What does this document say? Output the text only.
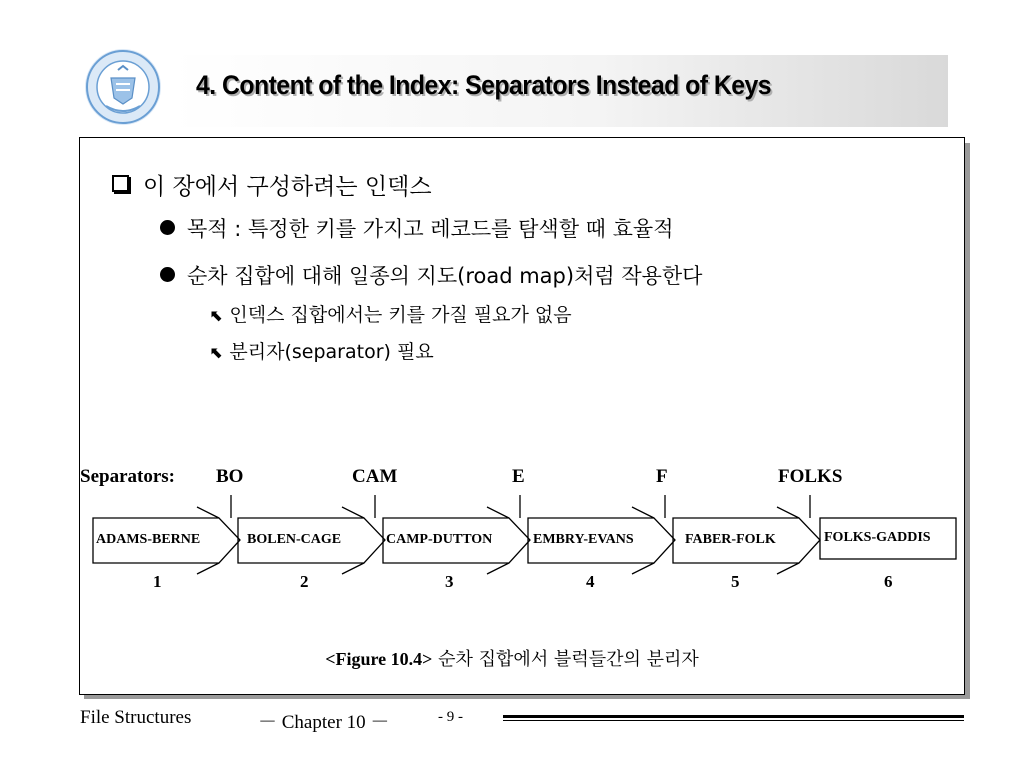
4. Content of the Index: Separators Instead of Keys
이 장에서 구성하려는 인덱스
목적 : 특정한 키를 가지고 레코드를 탐색할 때 효율적
순차 집합에 대해 일종의 지도(road map)처럼 작용한다
⬉ 인덱스 집합에서는 키를 가질 필요가 없음
⬉ 분리자(separator) 필요
Separators: BO	CAM	E	F	FOLKS
ADAMS-BERNE	BOLEN-CAGE	CAMP-DUTTON	EMBRY-EVANS	FABER-FOLK	FOLKS-GADDIS
1	2	3	4	5	6
<Figure 10.4> 순차 집합에서 블럭들간의 분리자
File Structures	－ Chapter 10 －	- 9 -
